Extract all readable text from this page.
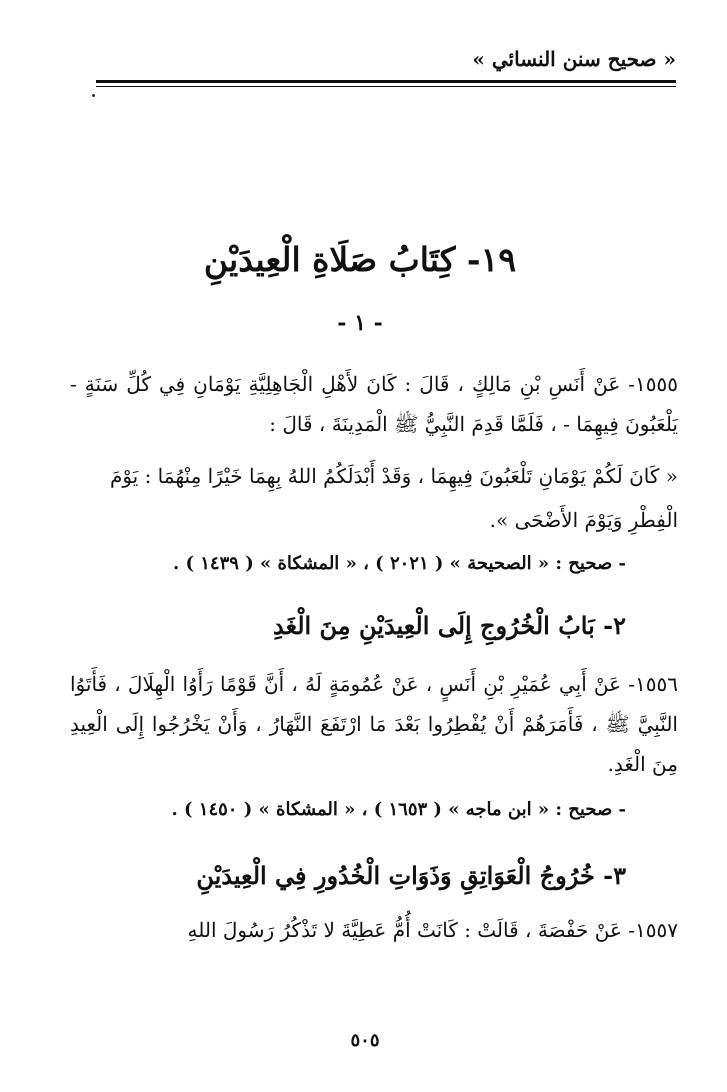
« صحيح سنن النسائي »
١٩- كِتَابُ صَلَاةِ الْعِيدَيْنِ
- ١ -
١٥٥٥- عَنْ أَنَسِ بْنِ مَالِكٍ ، قَالَ : كَانَ لأَهْلِ الْجَاهِلِيَّةِ يَوْمَانِ فِي كُلِّ سَنَةٍ - يَلْعَبُونَ فِيهِمَا - ، فَلَمَّا قَدِمَ النَّبِيُّ ﷺ الْمَدِينَةَ ، قَالَ :
« كَانَ لَكُمْ يَوْمَانِ تَلْعَبُونَ فِيهِمَا ، وَقَدْ أَبْدَلَكُمُ اللهُ بِهِمَا خَيْرًا مِنْهُمَا : يَوْمَ الْفِطْرِ وَيَوْمَ الأَضْحَى ».
- صحيح : « الصحيحة » ( ٢٠٢١ ) ، « المشكاة » ( ١٤٣٩ ) .
٢- بَابُ الْخُرُوجِ إِلَى الْعِيدَيْنِ مِنَ الْغَدِ
١٥٥٦- عَنْ أَبِي عُمَيْرِ بْنِ أَنَسٍ ، عَنْ عُمُومَةٍ لَهُ ، أَنَّ قَوْمًا رَأَوُا الْهِلَالَ ، فَأَتَوُا النَّبِيَّ ﷺ ، فَأَمَرَهُمْ أَنْ يُفْطِرُوا بَعْدَ مَا ارْتَفَعَ النَّهَارُ ، وَأَنْ يَخْرُجُوا إِلَى الْعِيدِ مِنَ الْغَدِ.
- صحيح : « ابن ماجه » ( ١٦٥٣ ) ، « المشكاة » ( ١٤٥٠ ) .
٣- خُرُوجُ الْعَوَاتِقِ وَذَوَاتِ الْخُدُورِ فِي الْعِيدَيْنِ
١٥٥٧- عَنْ حَفْصَةَ ، قَالَتْ : كَانَتْ أُمُّ عَطِيَّةَ لا تَذْكُرُ رَسُولَ اللهِ
٥٠٥
